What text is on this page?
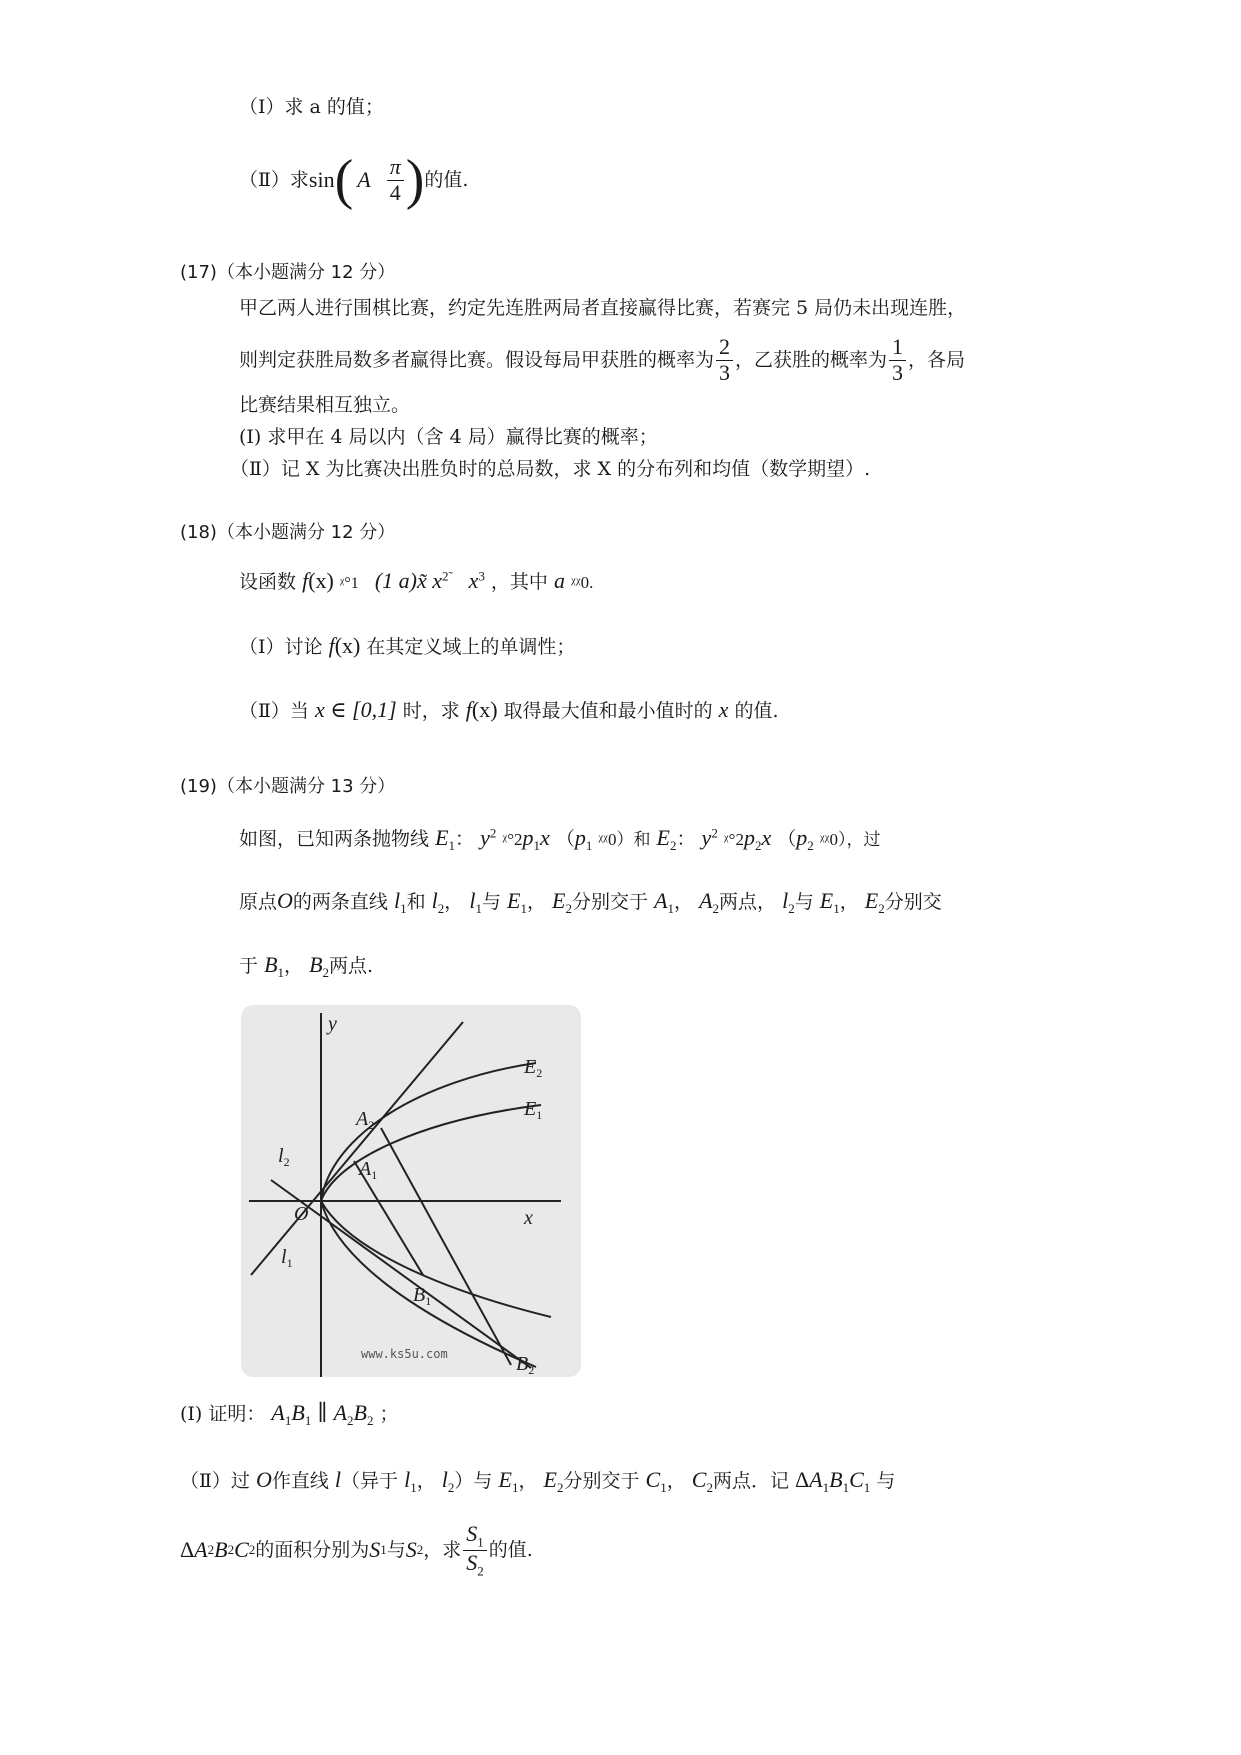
（Ⅰ）求 a 的值；
（Ⅱ）求 sin ( A $\frac{\pi}{4}$ ) 的值.
(17)（本小题满分 12 分）
甲乙两人进行围棋比赛，约定先连胜两局者直接赢得比赛，若赛完 5 局仍未出现连胜，
则判定获胜局数多者赢得比赛。假设每局甲获胜的概率为 $\frac{2}{3}$ ，乙获胜的概率为 $\frac{1}{3}$ ，各局
比赛结果相互独立。
(Ⅰ) 求甲在 4 局以内（含 4 局）赢得比赛的概率；
（Ⅱ）记 X 为比赛决出胜负时的总局数，求 X 的分布列和均值（数学期望）.
(18)（本小题满分 12 分）
设函数 f(x) ᵡ°1 (1 a)x̃ $x^{2̃}$ $x^3$ ，其中 a ᵡᵡ0.
（Ⅰ）讨论 f(x) 在其定义域上的单调性；
（Ⅱ）当 x ∈ [0,1] 时，求 f(x) 取得最大值和最小值时的 x 的值.
(19)（本小题满分 13 分）
如图，已知两条抛物线 $E_1$： $y^2$ $ᵡ^\circ 2p_1x$ （$p_1$ ᵡᵡ0）和 $E_2$： $y^2$ $ᵡ^\circ 2p_2x$ （$p_2$ ᵡᵡ0），过
原点O的两条直线 $l_1$和 $l_2$， $l_1$与 $E_1$， $E_2$分别交于 $A_1$， $A_2$两点， $l_2$与 $E_1$， $E_2$分别交
于 $B_1$， $B_2$两点.
y
x
O
$E_2$
$E_1$
$A_2$
$A_1$
$l_2$
$l_1$
$B_1$
$B_2$
www.ks5u.com
(Ⅰ) 证明： $A_1B_1$ ∥ $A_2B_2$ ；
（Ⅱ）过 O作直线 l（异于 $l_1$， $l_2$）与 $E_1$， $E_2$分别交于 $C_1$， $C_2$两点．记 $\Delta A_1B_1C_1$ 与
Δ A 2 B 2 C 2 的面积分别为 S 1 与 S 2 ，求 $\frac{S_1}{S_2}$ 的值.
